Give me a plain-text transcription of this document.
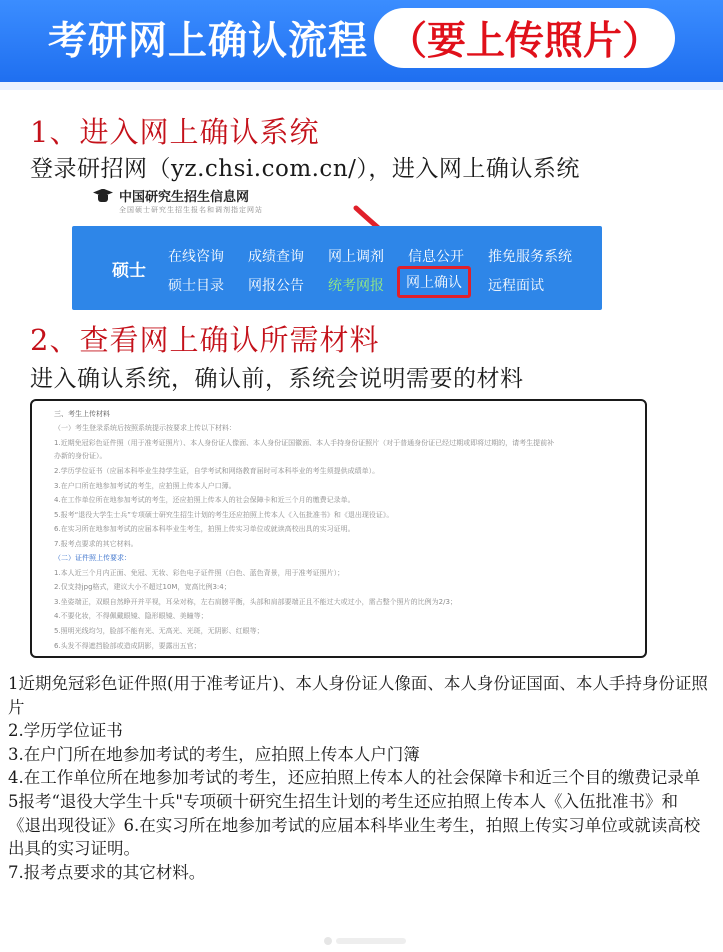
考研网上确认流程 （要上传照片）
1、进入网上确认系统
登录研招网（yz.chsi.com.cn/），进入网上确认系统
中国研究生招生信息网
全国硕士研究生招生报名和调剂指定网站
硕士
在线咨询 成绩查询 网上调剂 信息公开 推免服务系统
硕士目录 网报公告 统考网报	网上确认	远程面试
2、查看网上确认所需材料
进入确认系统，确认前，系统会说明需要的材料
三、考生上传材料
（一）考生登录系统后按照系统提示按要求上传以下材料：
1.近期免冠彩色证件照（用于准考证照片）、本人身份证人像面、本人身份证国徽面、本人手持身份证照片（对于普通身份证已经过期或即将过期的，请考生提前补
办新的身份证）。
2.学历学位证书（应届本科毕业生持学生证，自学考试和网络教育届时可本科毕业的考生须提供成绩单）。
3.在户口所在地参加考试的考生，应拍照上传本人户口簿。
4.在工作单位所在地参加考试的考生，还应拍照上传本人的社会保障卡和近三个月的缴费记录单。
5.报考“退役大学生士兵”专项硕士研究生招生计划的考生还应拍照上传本人《入伍批准书》和《退出现役证》。
6.在实习所在地参加考试的应届本科毕业生考生，拍照上传实习单位或就读高校出具的实习证明。
7.报考点要求的其它材料。
（二）证件照上传要求：
1.本人近三个月内正面、免冠、无妆、彩色电子证件照（白色、蓝色背景，用于准考证照片）；
2.仅支持jpg格式，建议大小不超过10M，宽高比例3:4；
3.坐姿端正，双眼自然睁开并平视，耳朵对称，左右肩膀平衡，头部和肩部要端正且不能过大或过小，需占整个照片的比例为2/3；
4.不要化妆，不得佩戴眼镜、隐形眼镜、美瞳等；
5.照明光线均匀，脸部不能有光、无高光、光斑，无阴影、红眼等；
6.头发不得遮挡脸部或造成阴影，要露出五官；

1近期免冠彩色证件照(用于准考证片)、本人身份证人像面、本人身份证国面、本人手持身份证照片

2.学历学位证书

3.在户门所在地参加考试的考生，应拍照上传本人户门簿

4.在工作单位所在地参加考试的考生，还应拍照上传本人的社会保障卡和近三个目的缴费记录单

5报考“退役大学生十兵"专项硕十研究生招生计划的考生还应拍照上传本人《入伍批准书》和《退出现役证》6.在实习所在地参加考试的应届本科毕业生考生，拍照上传实习单位或就读高校出具的实习证明。

7.报考点要求的其它材料。
